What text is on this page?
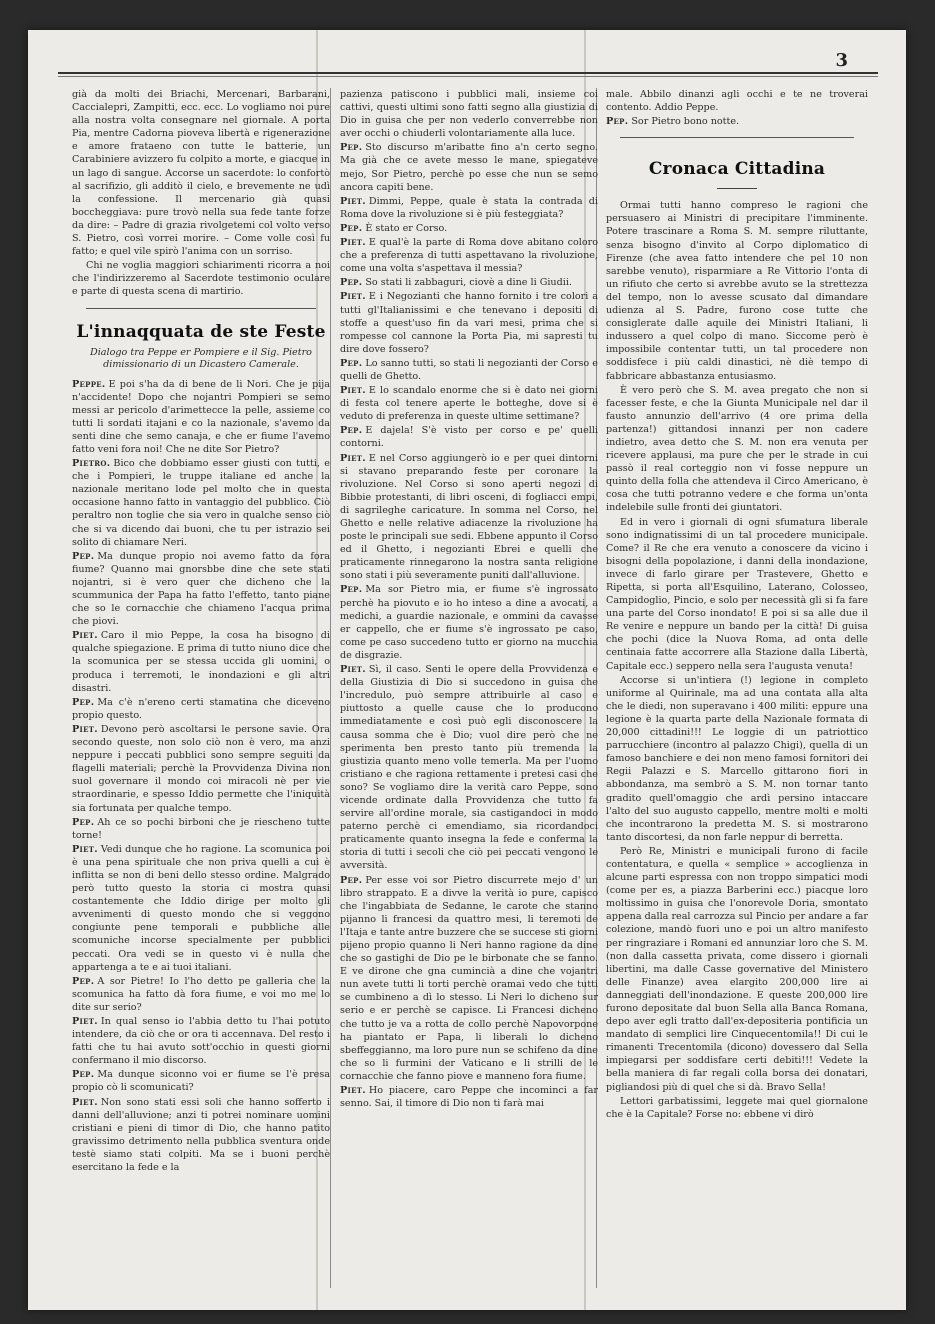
3

già da molti dei Briachi, Mercenari, Barbarani, Caccialepri, Zampitti, ecc. ecc. Lo vogliamo noi pure alla nostra volta consegnare nel giornale. A porta Pia, mentre Cadorna pioveva libertà e rigenerazione e amore frataeno con tutte le batterie, un Carabiniere avizzero fu colpito a morte, e giacque in un lago di sangue. Accorse un sacerdote: lo confortò al sacrifizio, gli additò il cielo, e brevemente ne udì la confessione. Il mercenario già quasi boccheggiava: pure trovò nella sua fede tante forze da dire: – Padre di grazia rivolgetemi col volto verso S. Pietro, così vorrei morire. – Come volle così fu fatto; e quel vile spirò l'anima con un sorriso.

Chi ne voglia maggiori schiarimenti ricorra a noi che l'indirizzeremo al Sacerdote testimonio oculare e parte di questa scena di martirio.

L'innaqquata de ste Feste
Dialogo tra Peppe er Pompiere e il Sig. Pietro dimissionario di un Dicastero Camerale.

Peppe. E poi s'ha da di bene de li Nori. Che je pija n'accidente! Dopo che nojantri Pompieri se semo messi ar pericolo d'arimettecce la pelle, assieme co tutti li sordati itajani e co la nazionale, s'avemo da senti dine che semo canaja, e che er fiume l'avemo fatto veni fora noi! Che ne dite Sor Pietro?

Pietro. Bico che dobbiamo esser giusti con tutti, e che i Pompieri, le truppe italiane ed anche la nazionale meritano lode pel molto che in questa occasione hanno fatto in vantaggio del pubblico. Ciò peraltro non toglie che sia vero in qualche senso ciò che si va dicendo dai buoni, che tu per istrazio sei solito di chiamare Neri.

Pep. Ma dunque propio noi avemo fatto da fora fiume? Quanno mai gnorsbbe dine che sete stati nojantri, si è vero quer che dicheno che la scummunica der Papa ha fatto l'effetto, tanto piane che so le cornacchie che chiameno l'acqua prima che piovi.

Piet. Caro il mio Peppe, la cosa ha bisogno di qualche spiegazione. E prima di tutto niuno dice che la scomunica per se stessa uccida gli uomini, o produca i terremoti, le inondazioni e gli altri disastri.

Pep. Ma c'è n'ereno certi stamatina che diceveno propio questo.

Piet. Devono però ascoltarsi le persone savie. Ora secondo queste, non solo ciò non è vero, ma anzi neppure i peccati pubblici sono sempre seguiti da flagelli materiali; perchè la Provvidenza Divina non suol governare il mondo coi miracoli nè per vie straordinarie, e spesso Iddio permette che l'iniquità sia fortunata per qualche tempo.

Pep. Ah ce so pochi birboni che je riescheno tutte torne!

Piet. Vedi dunque che ho ragione. La scomunica poi è una pena spirituale che non priva quelli a cui è inflitta se non di beni dello stesso ordine. Malgrado però tutto questo la storia ci mostra quasi costantemente che Iddio dirige per molto gli avvenimenti di questo mondo che si veggono congiunte pene temporali e pubbliche alle scomuniche incorse specialmente per pubblici peccati. Ora vedi se in questo vi è nulla che appartenga a te e ai tuoi italiani.

Pep. A sor Pietre! Io l'ho detto pe galleria che la scomunica ha fatto dà fora fiume, e voi mo me lo dite sur serio?

Piet. In qual senso io l'abbia detto tu l'hai potuto intendere, da ciò che or ora ti accennava. Del resto i fatti che tu hai avuto sott'occhio in questi giorni confermano il mio discorso.

Pep. Ma dunque siconno voi er fiume se l'è presa propio cò li scomunicati?

Piet. Non sono stati essi soli che hanno sofferto i danni dell'alluvione; anzi ti potrei nominare uomini cristiani e pieni di timor di Dio, che hanno patito gravissimo detrimento nella pubblica sventura onde testè siamo stati colpiti. Ma se i buoni perchè esercitano la fede e la

pazienza patiscono i pubblici mali, insieme coi cattivi, questi ultimi sono fatti segno alla giustizia di Dio in guisa che per non vederlo converrebbe non aver occhi o chiuderli volontariamente alla luce.

Pep. Sto discurso m'aribatte fino a'n certo segno. Ma già che ce avete messo le mane, spiegateve mejo, Sor Pietro, perchè po esse che nun se semo ancora capiti bene.

Piet. Dimmi, Peppe, quale è stata la contrada di Roma dove la rivoluzione si è più festeggiata?

Pep. È stato er Corso.

Piet. E qual'è la parte di Roma dove abitano coloro che a preferenza di tutti aspettavano la rivoluzione, come una volta s'aspettava il messia?

Pep. So stati li zabbaguri, ciovè a dine li Giudii.

Piet. E i Negozianti che hanno fornito i tre colori a tutti gl'Italianissimi e che tenevano i depositi di stoffe a quest'uso fin da vari mesi, prima che si rompesse col cannone la Porta Pia, mi sapresti tu dire dove fossero?

Pep. Lo sanno tutti, so stati li negozianti der Corso e quelli de Ghetto.

Piet. E lo scandalo enorme che si è dato nei giorni di festa col tenere aperte le botteghe, dove si è veduto di preferenza in queste ultime settimane?

Pep. E dajela! S'è visto per corso e pe' quelli contorni.

Piet. E nel Corso aggiungerò io e per quei dintorni si stavano preparando feste per coronare la rivoluzione. Nel Corso si sono aperti negozi di Bibbie protestanti, di libri osceni, di fogliacci empi, di sagrileghe caricature. In somma nel Corso, nel Ghetto e nelle relative adiacenze la rivoluzione ha poste le principali sue sedi. Ebbene appunto il Corso ed il Ghetto, i negozianti Ebrei e quelli che praticamente rinnegarono la nostra santa religione sono stati i più severamente puniti dall'alluvione.

Pep. Ma sor Pietro mia, er fiume s'è ingrossato perchè ha piovuto e io ho inteso a dine a avocati, a medichi, a guardie nazionale, e ommini da cavasse er cappello, che er fiume s'è ingrossato pe caso, come pe caso succedeno tutto er giorno na mucchia de disgrazie.

Piet. Sì, il caso. Senti le opere della Provvidenza e della Giustizia di Dio si succedono in guisa che l'incredulo, può sempre attribuirle al caso e piuttosto a quelle cause che lo producono immediatamente e così può egli disconoscere la causa somma che è Dio; vuol dire però che ne sperimenta ben presto tanto più tremenda la giustizia quanto meno volle temerla. Ma per l'uomo cristiano e che ragiona rettamente i pretesi casi che sono? Se vogliamo dire la verità caro Peppe, sono vicende ordinate dalla Provvidenza che tutto fa servire all'ordine morale, sia castigandoci in modo paterno perchè ci emendiamo, sia ricordandoci praticamente quanto insegna la fede e conferma la storia di tutti i secoli che ciò pei peccati vengono le avversità.

Pep. Per esse voi sor Pietro discurrete mejo d' un libro strappato. E a divve la verità io pure, capisco che l'ingabbiata de Sedanne, le carote che stanno pijanno li francesi da quattro mesi, li teremoti de l'Itaja e tante antre buzzere che se succese sti giorni pijeno propio quanno li Neri hanno ragione da dine che so gastighi de Dio pe le birbonate che se fanno. E ve dirone che gna cumincià a dine che vojantri nun avete tutti li torti perchè oramai vedo che tutti se cumbineno a dì lo stesso. Li Neri lo dicheno sur serio e er perchè se capisce. Li Francesi dicheno che tutto je va a rotta de collo perchè Napovorpone ha piantato er Papa, li liberali lo dicheno sbeffeggianno, ma loro pure nun se schifeno da dine che so li furmini der Vaticano e li strilli de le cornacchie che fanno piove e manneno fora fiume.

Piet. Ho piacere, caro Peppe che incominci a far senno. Sai, il timore di Dio non ti farà mai

male. Abbilo dinanzi agli occhi e te ne troverai contento. Addio Peppe.

Pep. Sor Pietro bono notte.

Cronaca Cittadina

Ormai tutti hanno compreso le ragioni che persuasero ai Ministri di precipitare l'imminente. Potere trascinare a Roma S. M. sempre riluttante, senza bisogno d'invito al Corpo diplomatico di Firenze (che avea fatto intendere che pel 10 non sarebbe venuto), risparmiare a Re Vittorio l'onta di un rifiuto che certo si avrebbe avuto se la strettezza del tempo, non lo avesse scusato dal dimandare udienza al S. Padre, furono cose tutte che consiglerate dalle aquile dei Ministri Italiani, li indussero a quel colpo di mano. Siccome però è impossibile contentar tutti, un tal procedere non soddisfece i più caldi dinastici, nè diè tempo di fabbricare abbastanza entusiasmo.

È vero però che S. M. avea pregato che non si facesser feste, e che la Giunta Municipale nel dar il fausto annunzio dell'arrivo (4 ore prima della partenza!) gittandosi innanzi per non cadere indietro, avea detto che S. M. non era venuta per ricevere applausi, ma pure che per le strade in cui passò il real corteggio non vi fosse neppure un quinto della folla che attendeva il Circo Americano, è cosa che tutti potranno vedere e che forma un'onta indelebile sulle fronti dei giuntatori.

Ed in vero i giornali di ogni sfumatura liberale sono indignatissimi di un tal procedere municipale. Come? il Re che era venuto a conoscere da vicino i bisogni della popolazione, i danni della inondazione, invece di farlo girare per Trastevere, Ghetto e Ripetta, si porta all'Esquilino, Laterano, Colosseo, Campidoglio, Pincio, e solo per necessità gli si fa fare una parte del Corso inondato! E poi si sa alle due il Re venire e neppure un bando per la città! Di guisa che pochi (dice la Nuova Roma, ad onta delle centinaia fatte accorrere alla Stazione dalla Libertà, Capitale ecc.) seppero nella sera l'augusta venuta!

Accorse si un'intiera (!) legione in completo uniforme al Quirinale, ma ad una contata alla alta che le diedi, non superavano i 400 militi: eppure una legione è la quarta parte della Nazionale formata di 20,000 cittadini!!! Le loggie di un patriottico parrucchiere (incontro al palazzo Chigi), quella di un famoso banchiere e dei non meno famosi fornitori dei Regii Palazzi e S. Marcello gittarono fiori in abbondanza, ma sembrò a S. M. non tornar tanto gradito quell'omaggio che ardì persino intaccare l'alto del suo augusto cappello, mentre molti e molti che incontrarono la predetta M. S. si mostrarono tanto discortesi, da non farle neppur di berretta.

Però Re, Ministri e municipali furono di facile contentatura, e quella « semplice » accoglienza in alcune parti espressa con non troppo simpatici modi (come per es, a piazza Barberini ecc.) piacque loro moltissimo in guisa che l'onorevole Doria, smontato appena dalla real carrozza sul Pincio per andare a far colezione, mandò fuori uno e poi un altro manifesto per ringraziare i Romani ed annunziar loro che S. M. (non dalla cassetta privata, come dissero i giornali libertini, ma dalle Casse governative del Ministero delle Finanze) avea elargito 200,000 lire ai danneggiati dell'inondazione. E queste 200,000 lire furono depositate dal buon Sella alla Banca Romana, depo aver egli tratto dall'ex-depositeria pontificia un mandato di semplici lire Cinquecentomila!! Di cui le rimanenti Trecentomila (dicono) dovessero dal Sella impiegarsi per soddisfare certi debiti!!! Vedete la bella maniera di far regali colla borsa dei donatari, pigliandosi più di quel che si dà. Bravo Sella!

Lettori garbatissimi, leggete mai quel giornalone che è la Capitale? Forse no: ebbene vi dirò
